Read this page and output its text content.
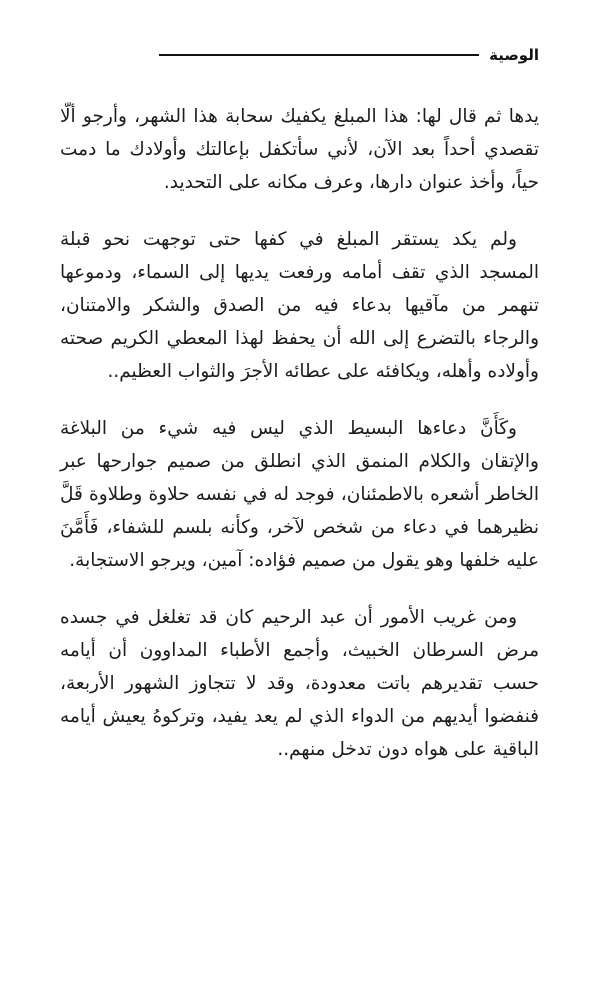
الوصية

يدها ثم قال لها: هذا المبلغ يكفيك سحابة هذا الشهر، وأرجو ألّا تقصدي أحداً بعد الآن، لأني سأتكفل بإعالتك وأولادك ما دمت حياً، وأخذ عنوان دارها، وعرف مكانه على التحديد.

ولم يكد يستقر المبلغ في كفها حتى توجهت نحو قبلة المسجد الذي تقف أمامه ورفعت يديها إلى السماء، ودموعها تنهمر من مآقيها بدعاء فيه من الصدق والشكر والامتنان، والرجاء بالتضرع إلى الله أن يحفظ لهذا المعطي الكريم صحته وأولاده وأهله، ويكافئه على عطائه الأجرَ والثواب العظيم..

وكَأَنَّ دعاءها البسيط الذي ليس فيه شيء من البلاغة والإتقان والكلام المنمق الذي انطلق من صميم جوارحها عبر الخاطر أشعره بالاطمئنان، فوجد له في نفسه حلاوة وطلاوة قَلَّ نظيرهما في دعاء من شخص لآخر، وكأنه بلسم للشفاء، فَأَمَّنَ عليه خلفها وهو يقول من صميم فؤاده: آمين، ويرجو الاستجابة.

ومن غريب الأمور أن عبد الرحيم كان قد تغلغل في جسده مرض السرطان الخبيث، وأجمع الأطباء المداوون أن أيامه حسب تقديرهم باتت معدودة، وقد لا تتجاوز الشهور الأربعة، فنفضوا أيديهم من الدواء الذي لم يعد يفيد، وتركوهُ يعيش أيامه الباقية على هواه دون تدخل منهم..
